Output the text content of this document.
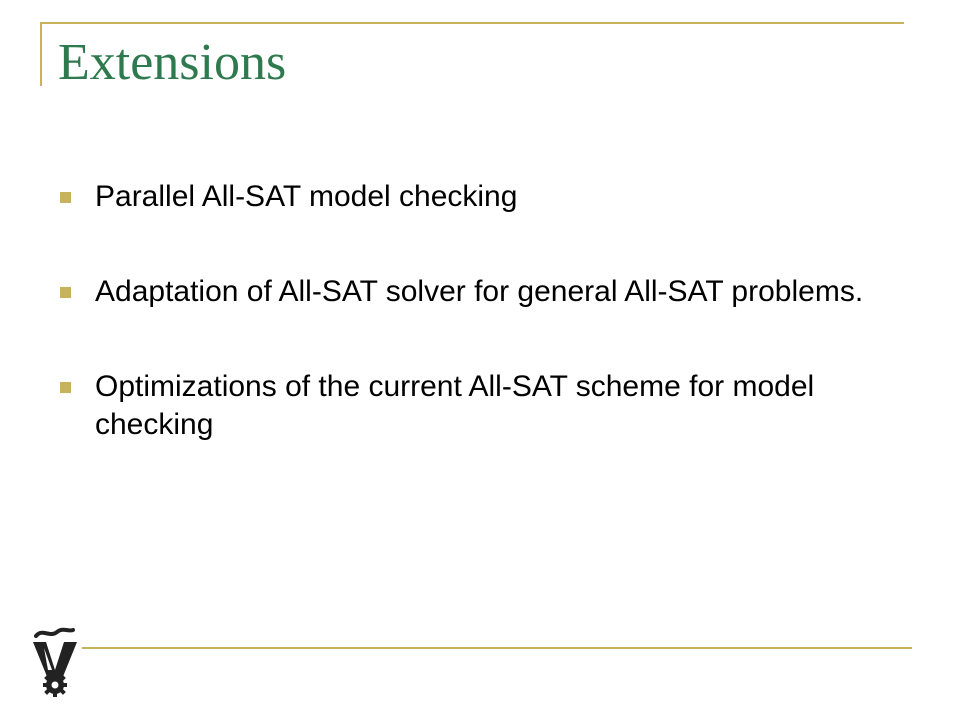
Extensions
Parallel All-SAT model checking
Adaptation of All-SAT solver for general All-SAT problems.
Optimizations of the current All-SAT scheme for model checking
